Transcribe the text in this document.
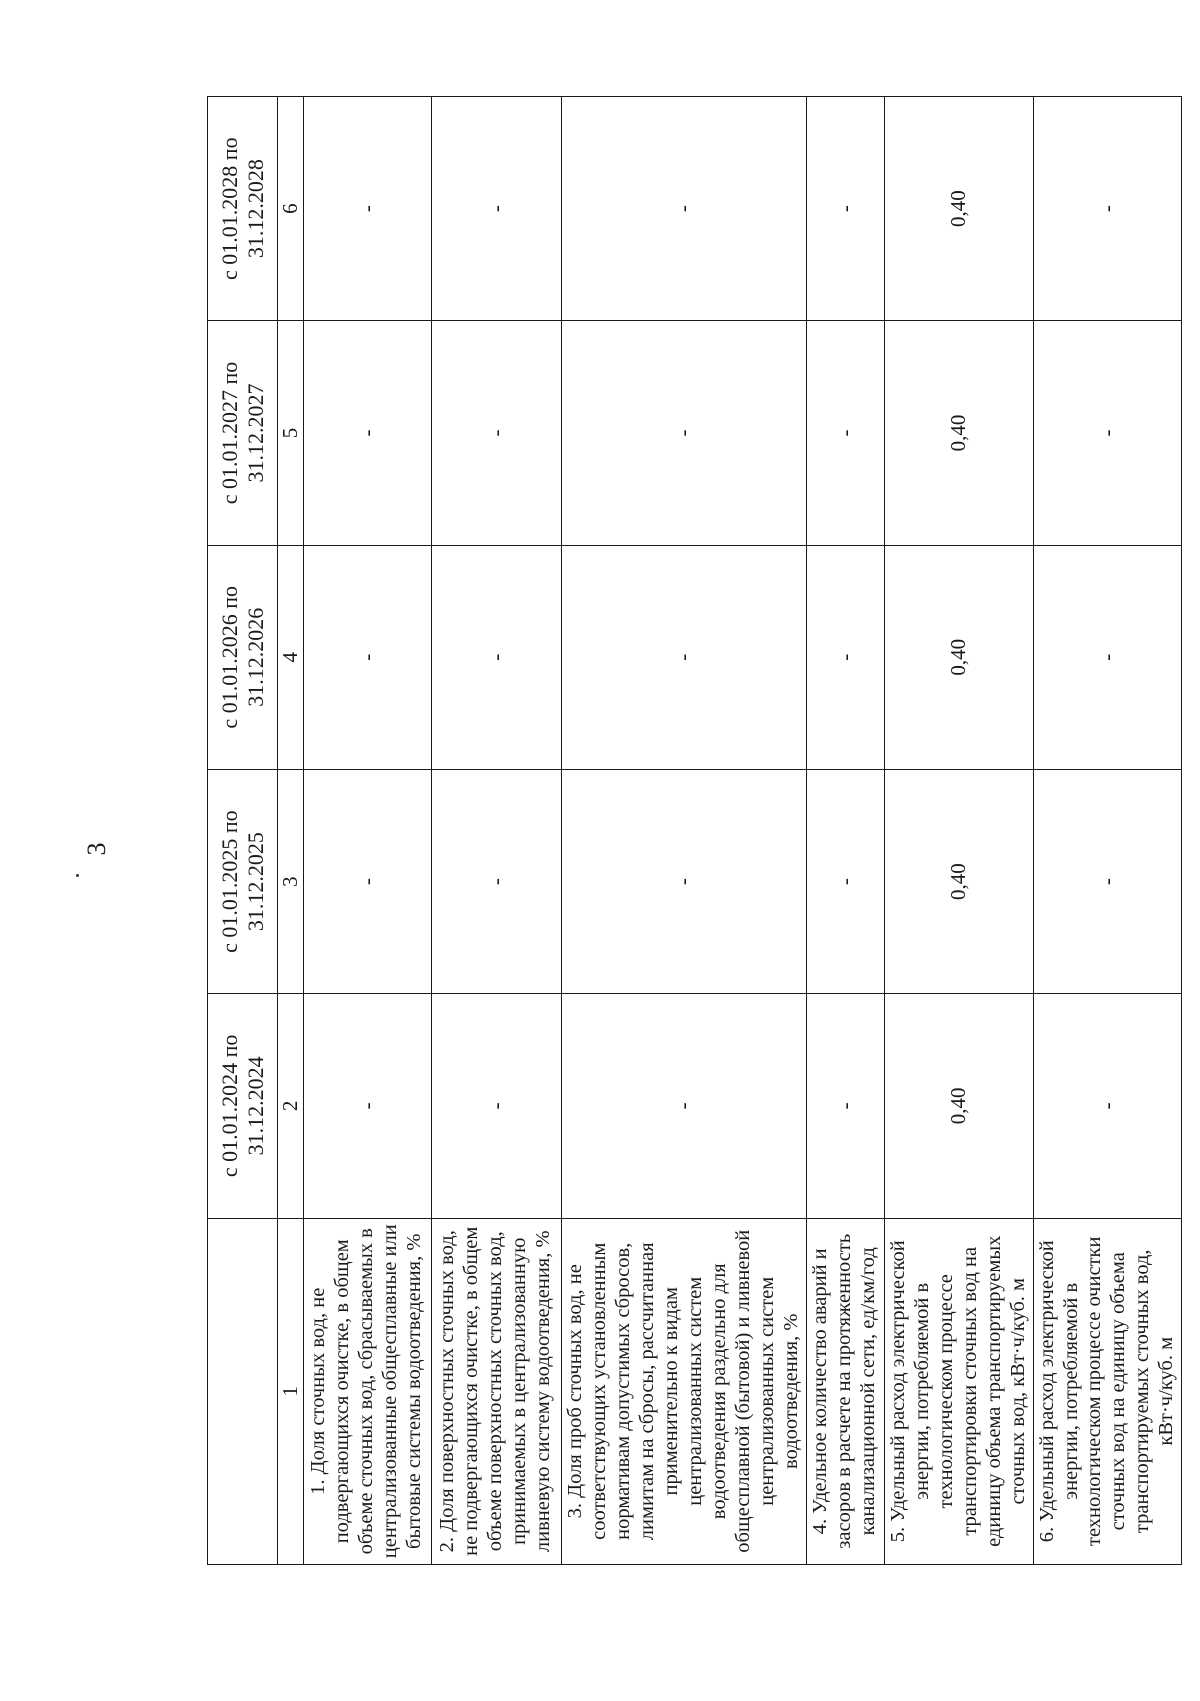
3
	с 01.01.2024 по 31.12.2024	с 01.01.2025 по 31.12.2025	с 01.01.2026 по 31.12.2026	с 01.01.2027 по 31.12.2027	с 01.01.2028 по 31.12.2028
1	2	3	4	5	6
1. Доля сточных вод, не подвергающихся очистке, в общем объеме сточных вод, сбрасываемых в централизованные общесплавные или бытовые системы водоотведения, %	-	-	-	-	-
2. Доля поверхностных сточных вод, не подвергающихся очистке, в общем объеме поверхностных сточных вод, принимаемых в централизованную ливневую систему водоотведения, %	-	-	-	-	-
3. Доля проб сточных вод, не соответствующих установленным нормативам допустимых сбросов, лимитам на сбросы, рассчитанная применительно к видам централизованных систем водоотведения раздельно для общесплавной (бытовой) и ливневой централизованных систем водоотведения, %	-	-	-	-	-
4. Удельное количество аварий и засоров в расчете на протяженность канализационной сети, ед/км/год	-	-	-	-	-
5. Удельный расход электрической энергии, потребляемой в технологическом процессе транспортировки сточных вод на единицу объема транспортируемых сточных вод, кВт·ч/куб. м	0,40	0,40	0,40	0,40	0,40
6. Удельный расход электрической энергии, потребляемой в технологическом процессе очистки сточных вод на единицу объема транспортируемых сточных вод, кВт·ч/куб. м	-	-	-	-	-
